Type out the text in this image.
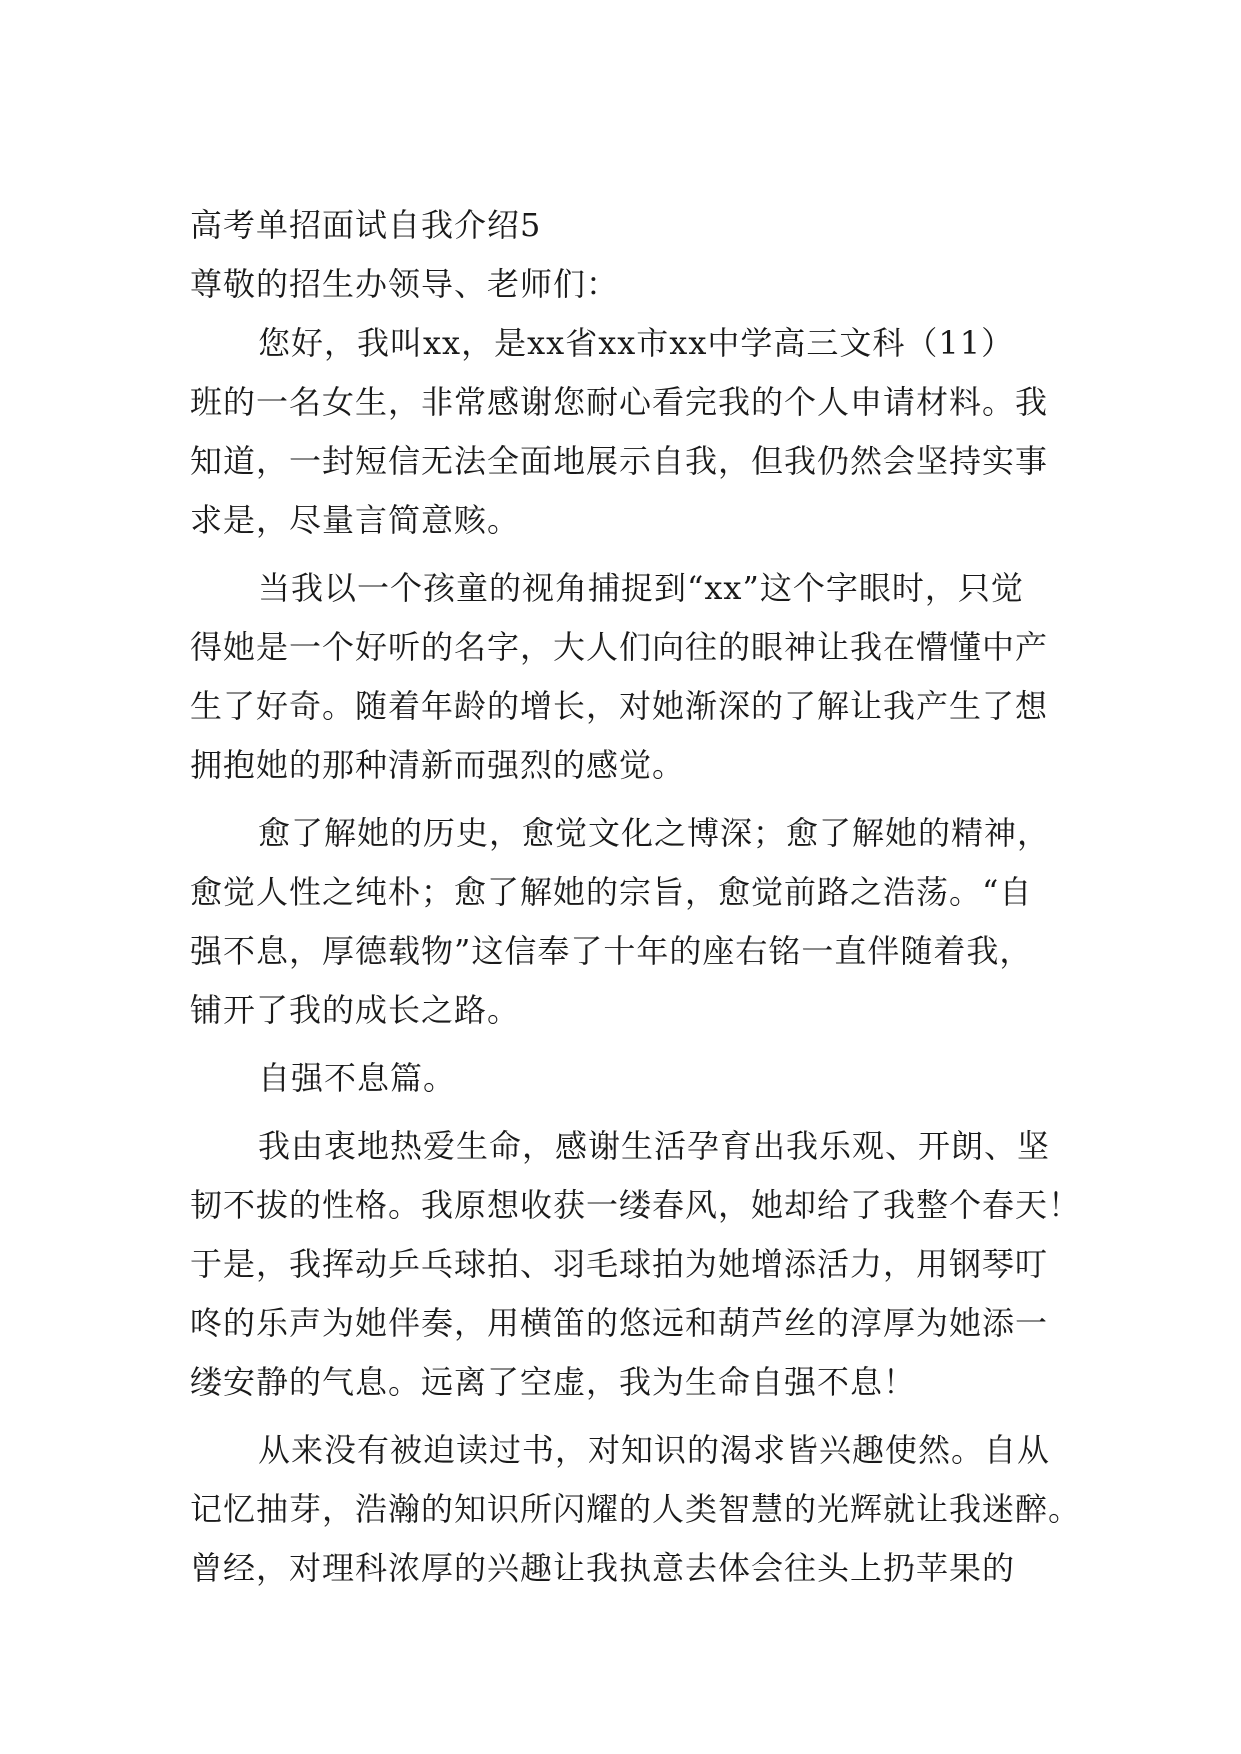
高考单招面试自我介绍5
尊敬的招生办领导、老师们：
您好，我叫xx，是xx省xx市xx中学高三文科（11）
班的一名女生，非常感谢您耐心看完我的个人申请材料。我
知道，一封短信无法全面地展示自我，但我仍然会坚持实事
求是，尽量言简意赅。
当我以一个孩童的视角捕捉到“xx”这个字眼时，只觉
得她是一个好听的名字，大人们向往的眼神让我在懵懂中产
生了好奇。随着年龄的增长，对她渐深的了解让我产生了想
拥抱她的那种清新而强烈的感觉。
愈了解她的历史，愈觉文化之博深；愈了解她的精神，
愈觉人性之纯朴；愈了解她的宗旨，愈觉前路之浩荡。“自
强不息，厚德载物”这信奉了十年的座右铭一直伴随着我，
铺开了我的成长之路。
自强不息篇。
我由衷地热爱生命，感谢生活孕育出我乐观、开朗、坚
韧不拔的性格。我原想收获一缕春风，她却给了我整个春天！
于是，我挥动乒乓球拍、羽毛球拍为她增添活力，用钢琴叮
咚的乐声为她伴奏，用横笛的悠远和葫芦丝的淳厚为她添一
缕安静的气息。远离了空虚，我为生命自强不息！
从来没有被迫读过书，对知识的渴求皆兴趣使然。自从
记忆抽芽，浩瀚的知识所闪耀的人类智慧的光辉就让我迷醉。
曾经，对理科浓厚的兴趣让我执意去体会往头上扔苹果的
